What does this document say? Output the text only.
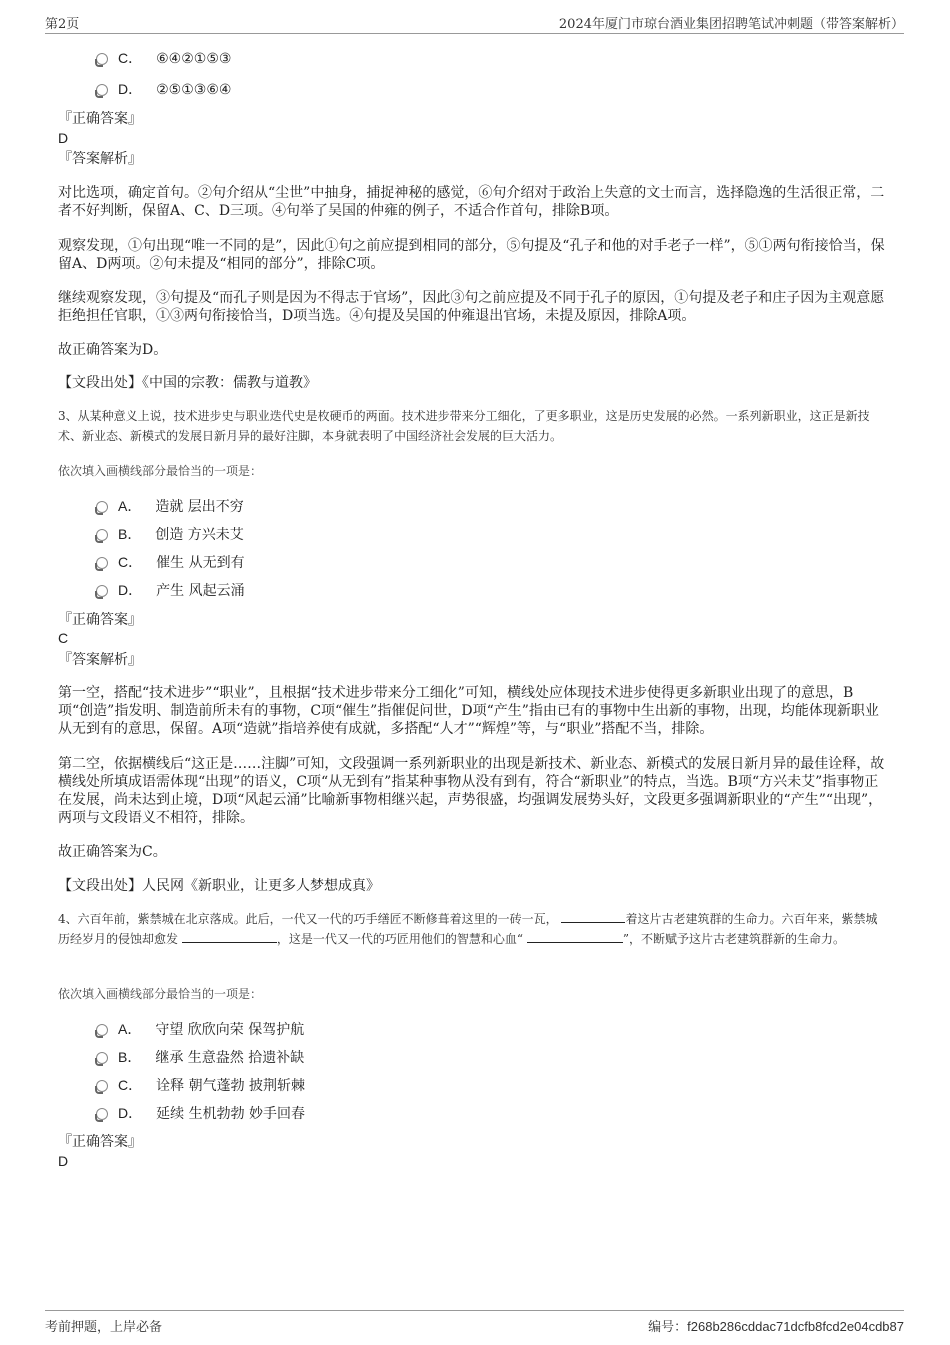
第2页	2024年厦门市琼台酒业集团招聘笔试冲刺题（带答案解析）
C． ⑥④②①⑤③
D． ②⑤①③⑥④
『正确答案』
D
『答案解析』

对比选项，确定首句。②句介绍从“尘世”中抽身，捕捉神秘的感觉，⑥句介绍对于政治上失意的文士而言，选择隐逸的生活很正常，二者不好判断，保留A、C、D三项。④句举了吴国的仲雍的例子，不适合作首句，排除B项。

观察发现，①句出现“唯一不同的是”，因此①句之前应提到相同的部分，⑤句提及“孔子和他的对手老子一样”，⑤①两句衔接恰当，保留A、D两项。②句未提及“相同的部分”，排除C项。

继续观察发现，③句提及“而孔子则是因为不得志于官场”，因此③句之前应提及不同于孔子的原因，①句提及老子和庄子因为主观意愿拒绝担任官职，①③两句衔接恰当，D项当选。④句提及吴国的仲雍退出官场，未提及原因，排除A项。

故正确答案为D。

【文段出处】《中国的宗教：儒教与道教》

3、从某种意义上说，技术进步史与职业迭代史是枚硬币的两面。技术进步带来分工细化，了更多职业，这是历史发展的必然。一系列新职业，这正是新技术、新业态、新模式的发展日新月异的最好注脚，本身就表明了中国经济社会发展的巨大活力。

依次填入画横线部分最恰当的一项是：

A． 造就 层出不穷
B． 创造 方兴未艾
C． 催生 从无到有
D． 产生 风起云涌
『正确答案』
C
『答案解析』

第一空，搭配“技术进步”“职业”，且根据“技术进步带来分工细化”可知，横线处应体现技术进步使得更多新职业出现了的意思，B项“创造”指发明、制造前所未有的事物，C项“催生”指催促问世，D项“产生”指由已有的事物中生出新的事物，出现，均能体现新职业从无到有的意思，保留。A项“造就”指培养使有成就，多搭配“人才”“辉煌”等，与“职业”搭配不当，排除。

第二空，依据横线后“这正是……注脚”可知，文段强调一系列新职业的出现是新技术、新业态、新模式的发展日新月异的最佳诠释，故横线处所填成语需体现“出现”的语义，C项“从无到有”指某种事物从没有到有，符合“新职业”的特点，当选。B项“方兴未艾”指事物正在发展，尚未达到止境，D项“风起云涌”比喻新事物相继兴起，声势很盛，均强调发展势头好，文段更多强调新职业的“产生”“出现”，两项与文段语义不相符，排除。

故正确答案为C。

【文段出处】人民网《新职业，让更多人梦想成真》

4、六百年前，紫禁城在北京落成。此后，一代又一代的巧手缮匠不断修葺着这里的一砖一瓦，	着这片古老建筑群的生命力。六百年来，紫禁城历经岁月的侵蚀却愈发	，这是一代又一代的巧匠用他们的智慧和心血“	”，不断赋予这片古老建筑群新的生命力。

依次填入画横线部分最恰当的一项是：

A． 守望 欣欣向荣 保驾护航
B． 继承 生意盎然 拾遗补缺
C． 诠释 朝气蓬勃 披荆斩棘
D． 延续 生机勃勃 妙手回春
『正确答案』
D
考前押题，上岸必备	编号：f268b286cddac71dcfb8fcd2e04cdb87
